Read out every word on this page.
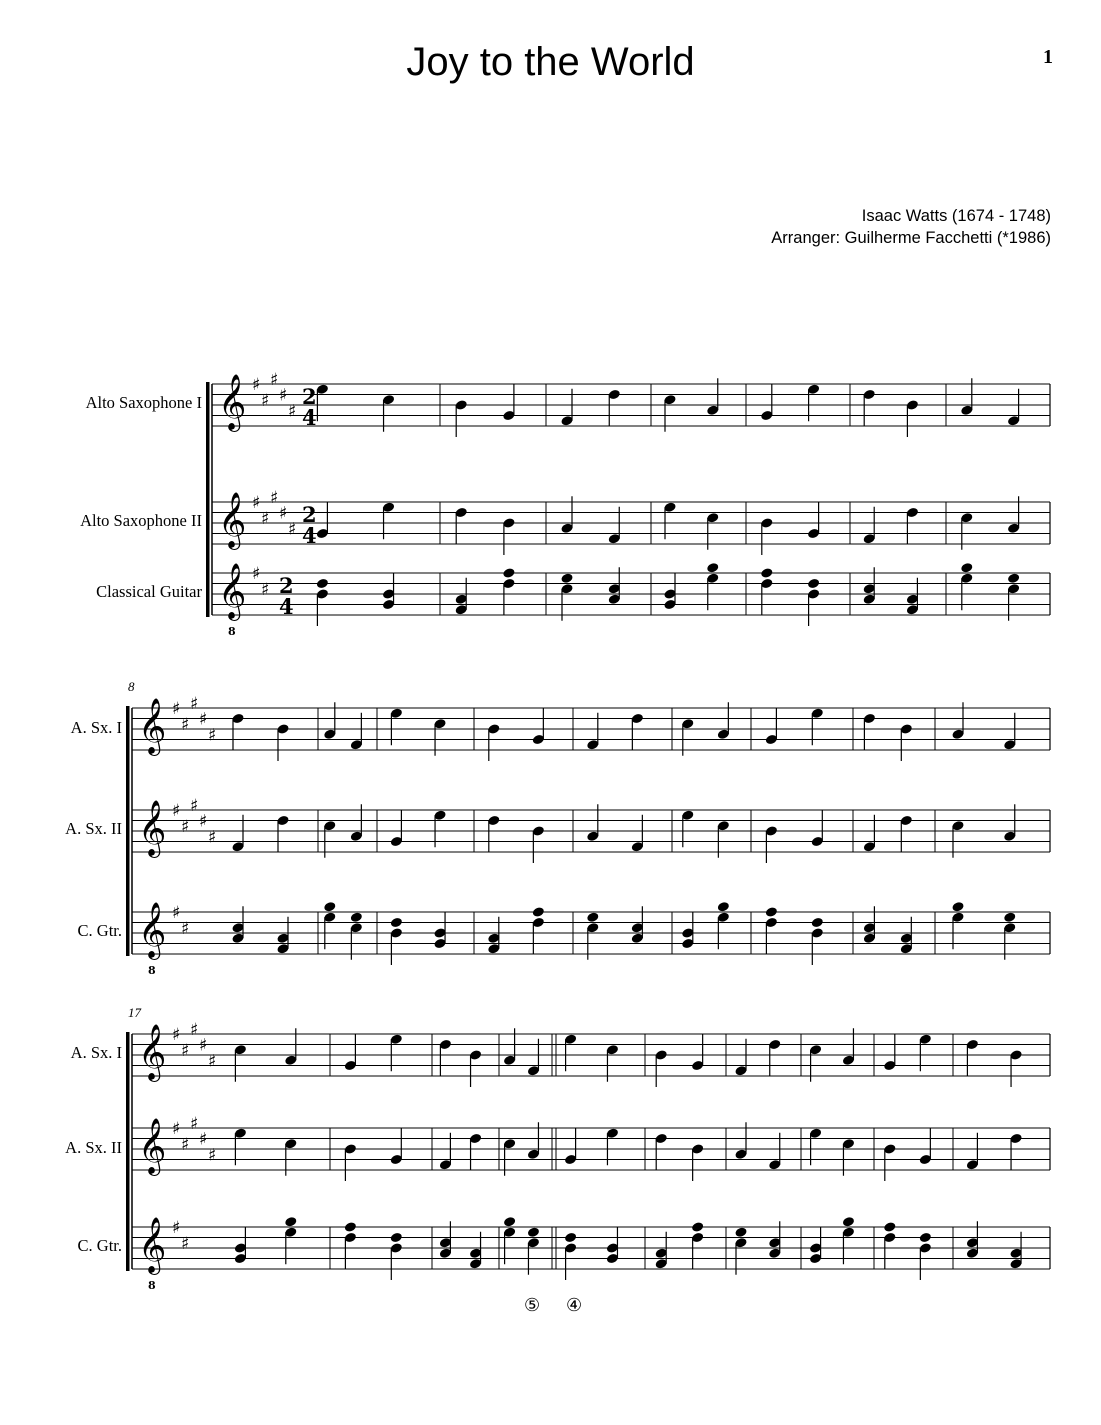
Joy to the World	1
Isaac Watts (1674 - 1748)
Arranger: Guilherme Facchetti (*1986)
Alto Saxophone I
Alto Saxophone II
Classical Guitar
8
A. Sx. I
A. Sx. II
C. Gtr.
17
A. Sx. I
A. Sx. II
C. Gtr.
𝄞 ♯
♯
♯
♯
♯
2
4
𝄞 ♯
♯
♯
♯
♯
2
4
𝄞
8
♯
♯ 2
4
𝄞 ♯
♯
♯
♯
♯
𝄞 ♯
♯
♯
♯
♯
𝄞
8
♯
♯
𝄞 ♯
♯
♯
♯
♯
𝄞 ♯
♯
♯
♯
♯
𝄞
8
♯
♯
⑤ ④
